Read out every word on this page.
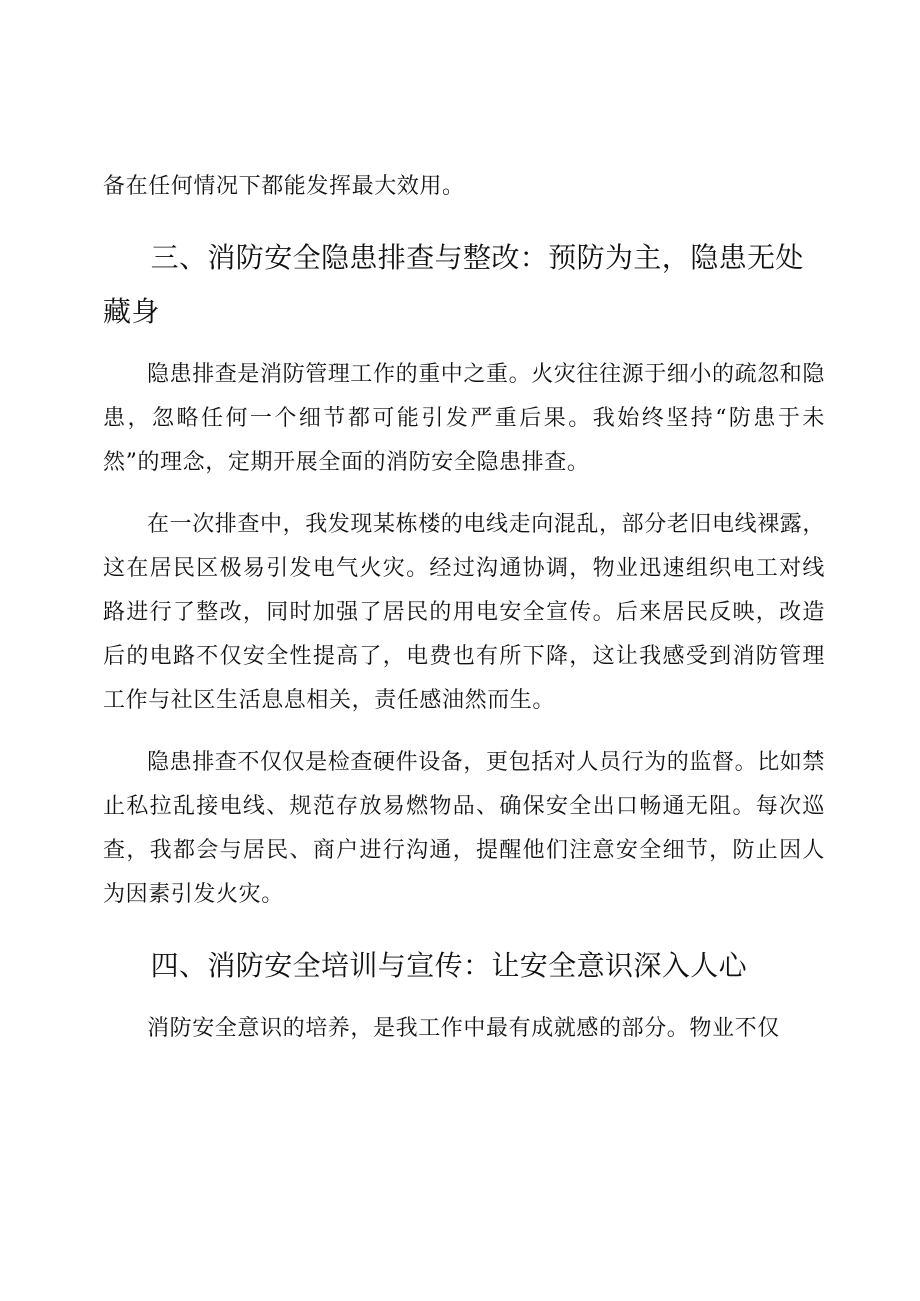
备在任何情况下都能发挥最大效用。

三、消防安全隐患排查与整改：预防为主，隐患无处藏身

隐患排查是消防管理工作的重中之重。火灾往往源于细小的疏忽和隐患，忽略任何一个细节都可能引发严重后果。我始终坚持“防患于未然”的理念，定期开展全面的消防安全隐患排查。

在一次排查中，我发现某栋楼的电线走向混乱，部分老旧电线裸露，这在居民区极易引发电气火灾。经过沟通协调，物业迅速组织电工对线路进行了整改，同时加强了居民的用电安全宣传。后来居民反映，改造后的电路不仅安全性提高了，电费也有所下降，这让我感受到消防管理工作与社区生活息息相关，责任感油然而生。

隐患排查不仅仅是检查硬件设备，更包括对人员行为的监督。比如禁止私拉乱接电线、规范存放易燃物品、确保安全出口畅通无阻。每次巡查，我都会与居民、商户进行沟通，提醒他们注意安全细节，防止因人为因素引发火灾。

四、消防安全培训与宣传：让安全意识深入人心

消防安全意识的培养，是我工作中最有成就感的部分。物业不仅
